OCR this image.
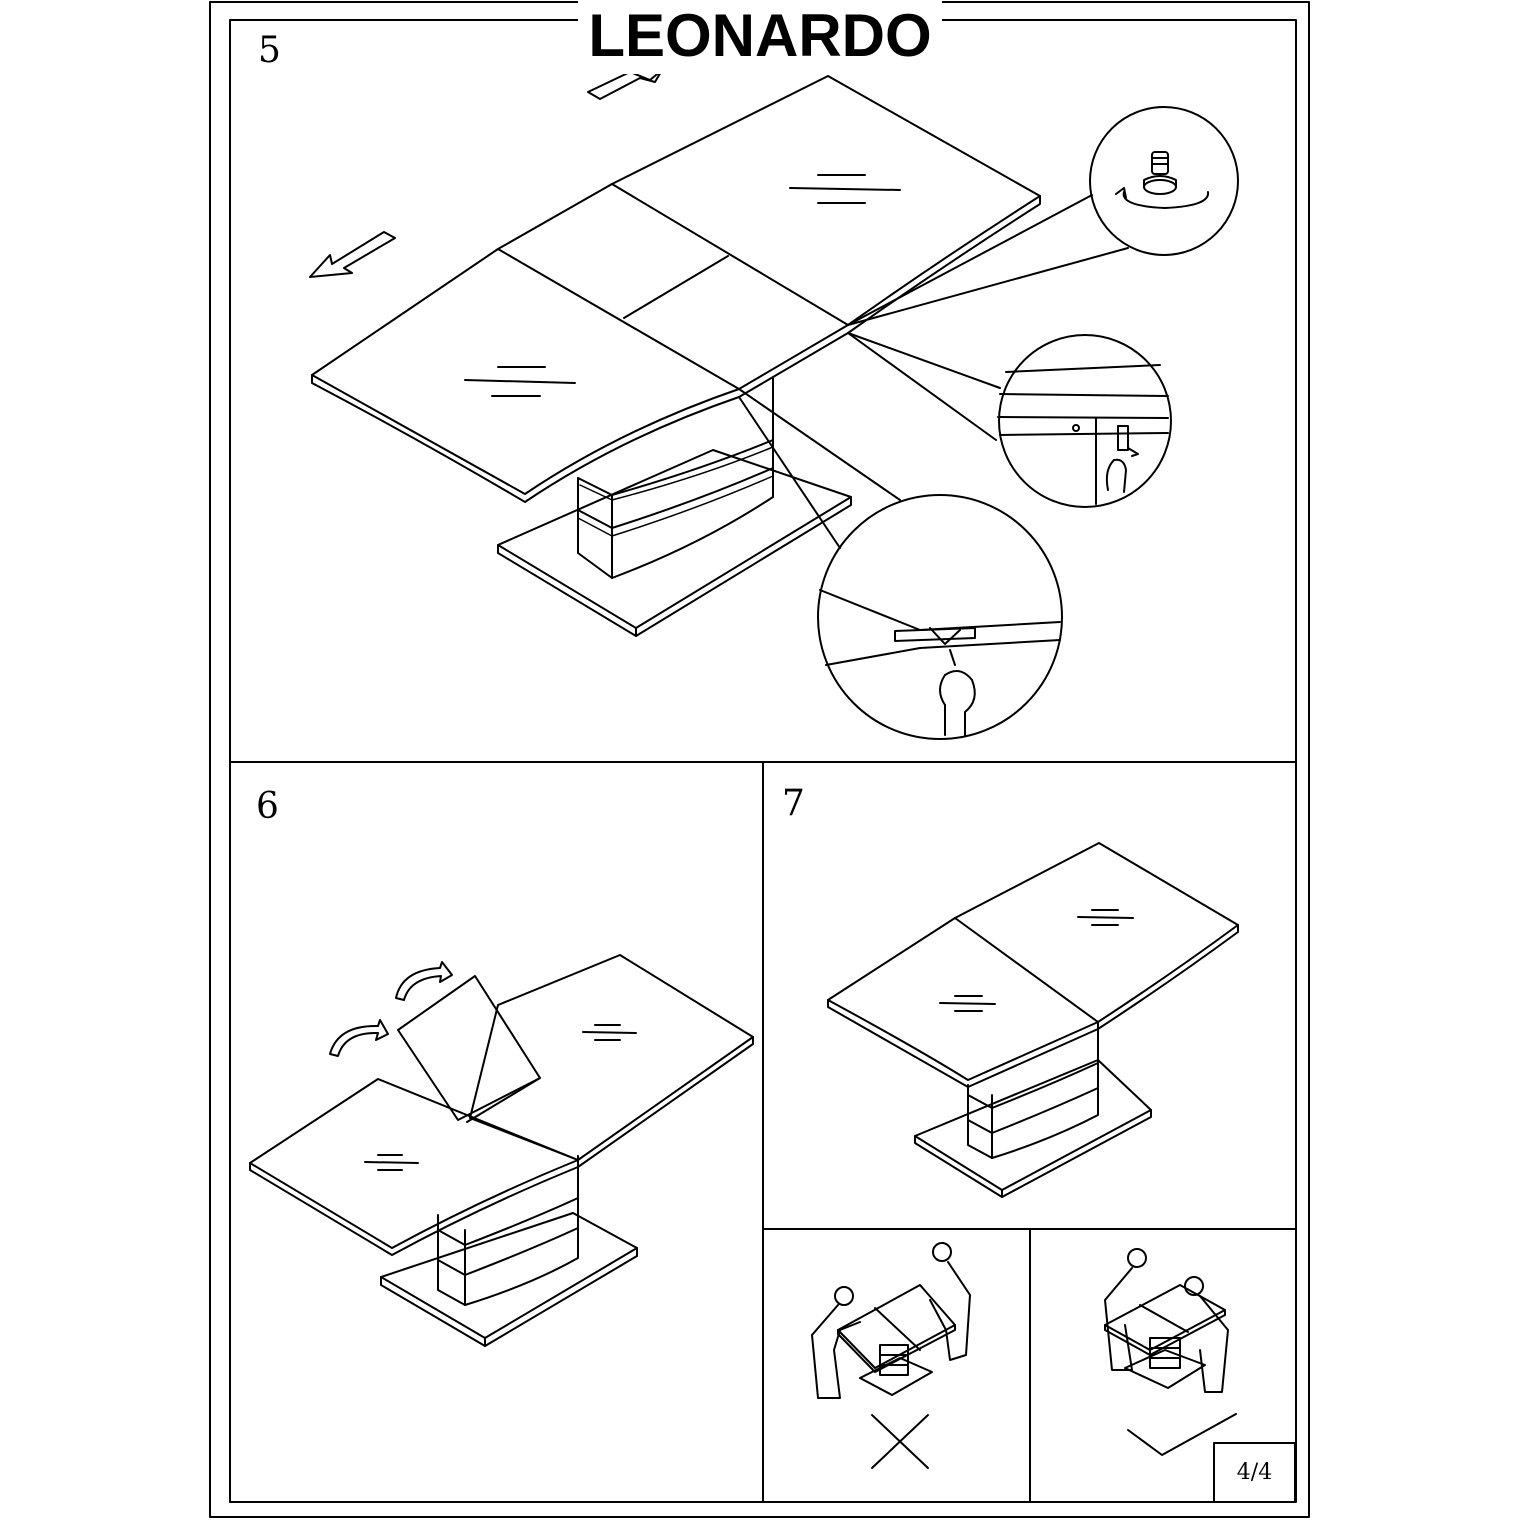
LEONARDO
5
6	7
4/4
